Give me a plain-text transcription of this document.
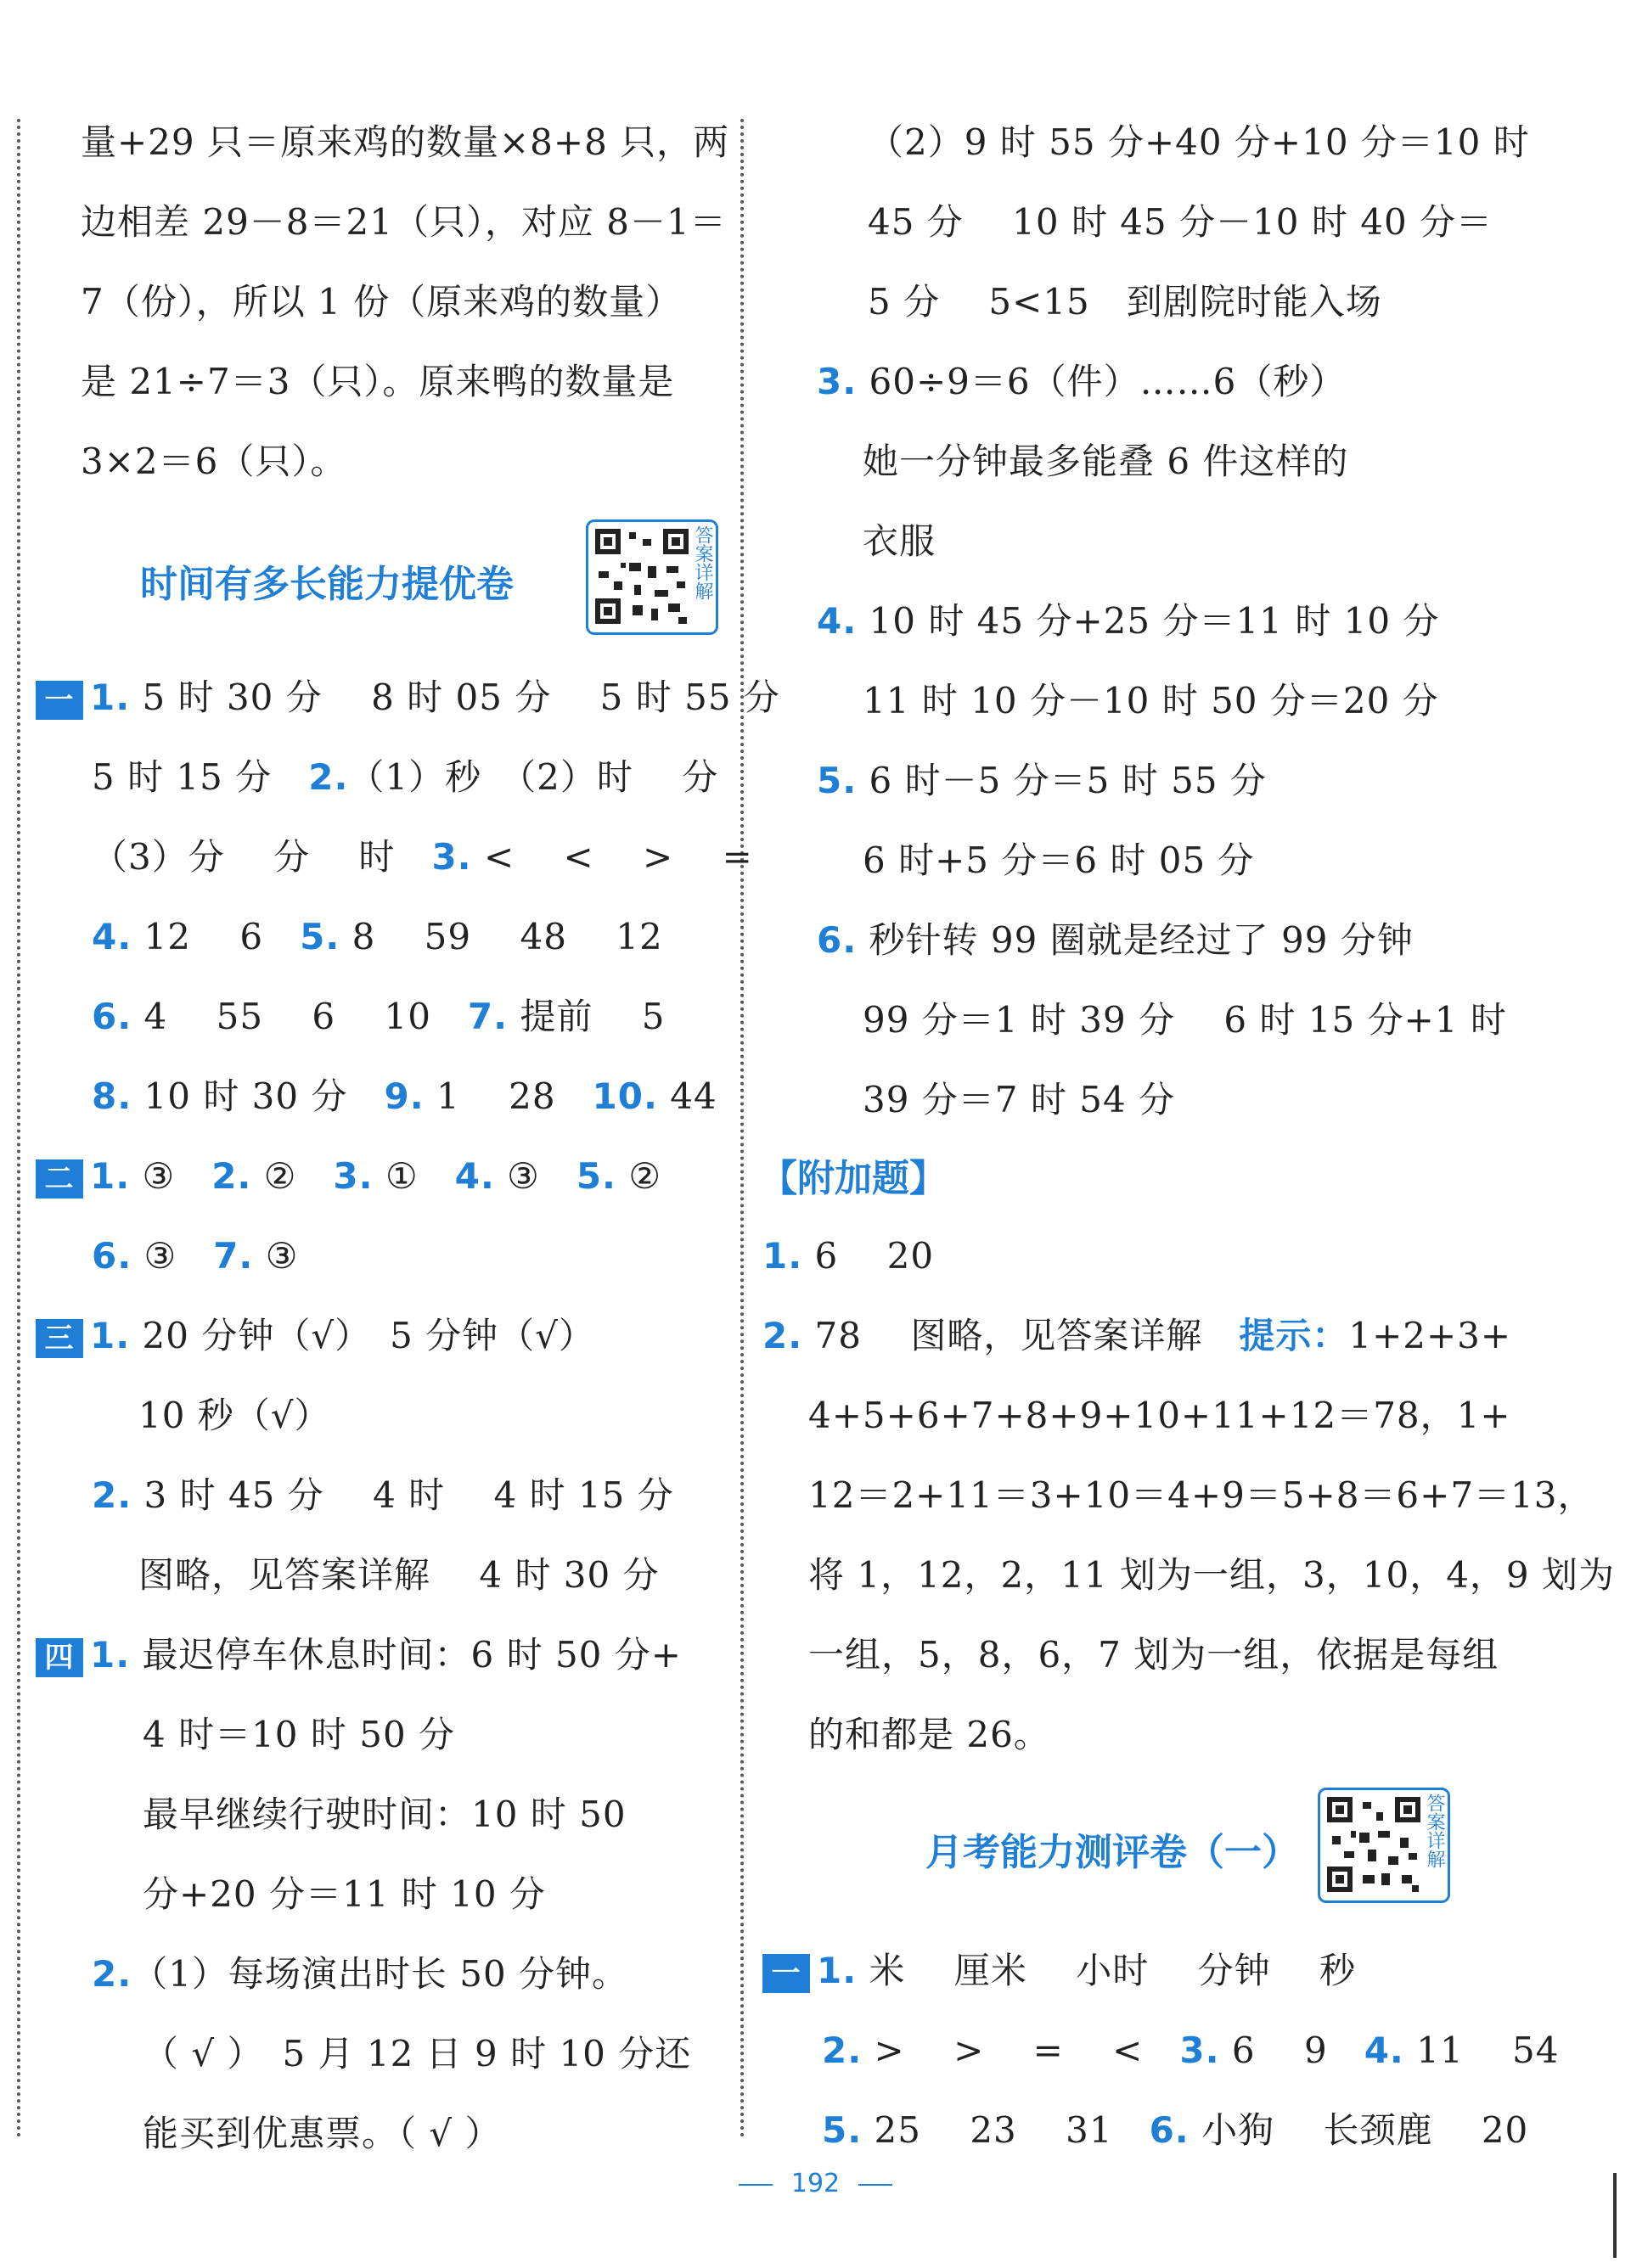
量+29 只＝原来鸡的数量×8+8 只，两
边相差 29－8＝21（只），对应 8－1＝
7（份），所以 1 份（原来鸡的数量）
是 21÷7＝3（只）。原来鸭的数量是
3×2＝6（只）。
时间有多长能力提优卷	答案详解
一 1. 5 时 30 分　 8 时 05 分　 5 时 55 分
5 时 15 分　2.（1）秒　（2）时　 分
（3）分　 分　 时　3. <　 <　 >　 =
4. 12　 6　5. 8　 59　 48　 12
6. 4　 55　 6　 10　7. 提前　 5
8. 10 时 30 分　9. 1　 28　10. 44
二 1. ③　2. ②　3. ①　4. ③　5. ②
6. ③　7. ③
三 1. 20 分钟（√）　5 分钟（√）
10 秒（√）
2. 3 时 45 分　 4 时　 4 时 15 分
图略，见答案详解　 4 时 30 分
四 1. 最迟停车休息时间：6 时 50 分+
4 时＝10 时 50 分
最早继续行驶时间：10 时 50
分+20 分＝11 时 10 分
2.（1）每场演出时长 50 分钟。
（ √ ）　5 月 12 日 9 时 10 分还
能买到优惠票。（ √ ）
（2）9 时 55 分+40 分+10 分＝10 时
45 分　 10 时 45 分－10 时 40 分＝
5 分　 5<15　到剧院时能入场
3. 60÷9＝6（件）……6（秒）
她一分钟最多能叠 6 件这样的
衣服
4. 10 时 45 分+25 分＝11 时 10 分
11 时 10 分－10 时 50 分＝20 分
5. 6 时－5 分＝5 时 55 分
6 时+5 分＝6 时 05 分
6. 秒针转 99 圈就是经过了 99 分钟
99 分＝1 时 39 分　 6 时 15 分+1 时
39 分＝7 时 54 分
【附加题】
1. 6　 20
2. 78　 图略，见答案详解　提示：1+2+3+
4+5+6+7+8+9+10+11+12＝78，1+
12＝2+11＝3+10＝4+9＝5+8＝6+7＝13，
将 1，12，2，11 划为一组，3，10，4，9 划为
一组，5，8，6，7 划为一组，依据是每组
的和都是 26。
月考能力测评卷（一）	答案详解
一 1. 米　 厘米　 小时　 分钟　 秒
2. >　 >　 =　 <　3. 6　 9　4. 11　 54
5. 25　 23　 31　6. 小狗　 长颈鹿　 20
192
